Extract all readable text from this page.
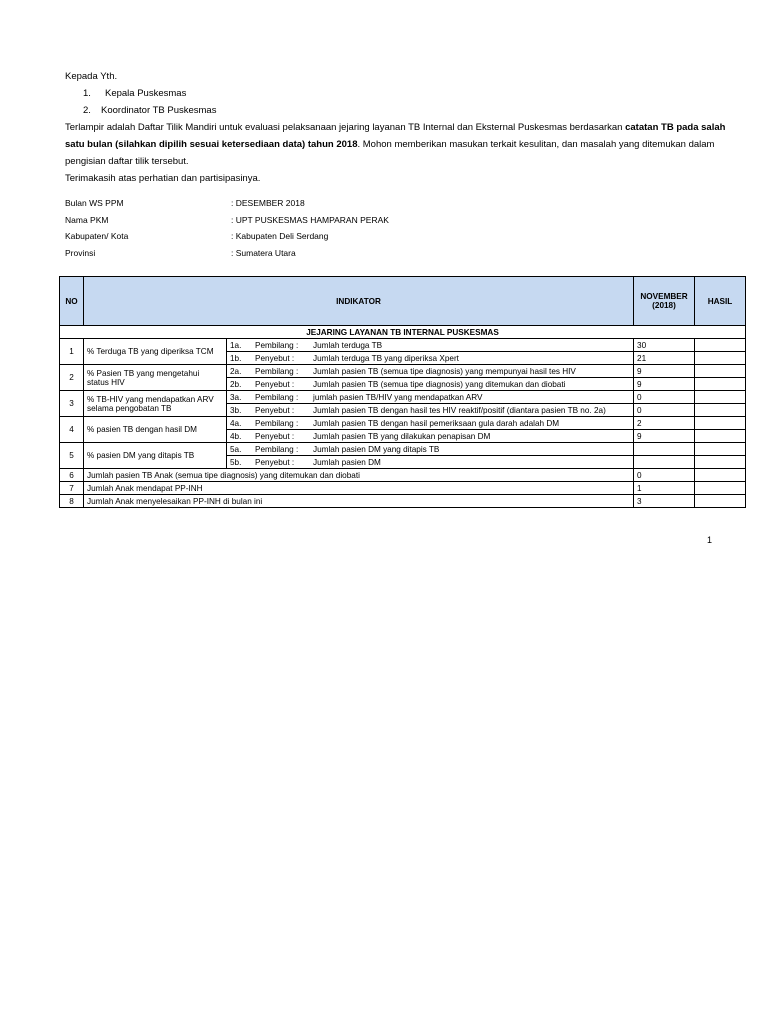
Kepada Yth.
1.	Kepala Puskesmas
2.	Koordinator TB Puskesmas
Terlampir adalah Daftar Tilik Mandiri untuk evaluasi pelaksanaan jejaring layanan TB Internal dan Eksternal Puskesmas berdasarkan catatan TB pada salah satu bulan (silahkan dipilih sesuai ketersediaan data) tahun 2018. Mohon memberikan masukan terkait kesulitan, dan masalah yang ditemukan dalam pengisian daftar tilik tersebut.
Terimakasih atas perhatian dan partisipasinya.
Bulan WS PPM	: DESEMBER 2018
Nama PKM	: UPT PUSKESMAS HAMPARAN PERAK
Kabupaten/ Kota	: Kabupaten Deli Serdang
Provinsi	: Sumatera Utara
NO	INDIKATOR		NOVEMBER (2018)	HASIL
JEJARING LAYANAN TB INTERNAL PUSKESMAS				
1	% Terduga TB yang diperiksa TCM	1a. Pembilang : Jumlah terduga TB	30	
		1b. Penyebut : Jumlah terduga TB yang diperiksa Xpert	21	
2	% Pasien TB yang mengetahui status HIV	2a. Pembilang : Jumlah pasien TB (semua tipe diagnosis) yang mempunyai hasil tes HIV	9	
		2b. Penyebut : Jumlah pasien TB (semua tipe diagnosis) yang ditemukan dan diobati	9	
3	% TB-HIV yang mendapatkan ARV selama pengobatan TB	3a. Pembilang : jumlah pasien TB/HIV yang mendapatkan ARV	0	
		3b. Penyebut : Jumlah pasien TB dengan hasil tes HIV reaktif/positif (diantara pasien TB no. 2a)	0	
4	% pasien TB dengan hasil DM	4a. Pembilang : Jumlah pasien TB dengan hasil pemeriksaan gula darah adalah DM	2	
		4b. Penyebut : Jumlah pasien TB yang dilakukan penapisan DM	9	
5	% pasien DM yang ditapis TB	5a. Pembilang : Jumlah pasien DM yang ditapis TB		
		5b. Penyebut : Jumlah pasien DM		
6	Jumlah pasien TB Anak (semua tipe diagnosis) yang ditemukan dan diobati		0	
7	Jumlah Anak mendapat PP-INH		1	
8	Jumlah Anak menyelesaikan PP-INH di bulan ini		3	
1
